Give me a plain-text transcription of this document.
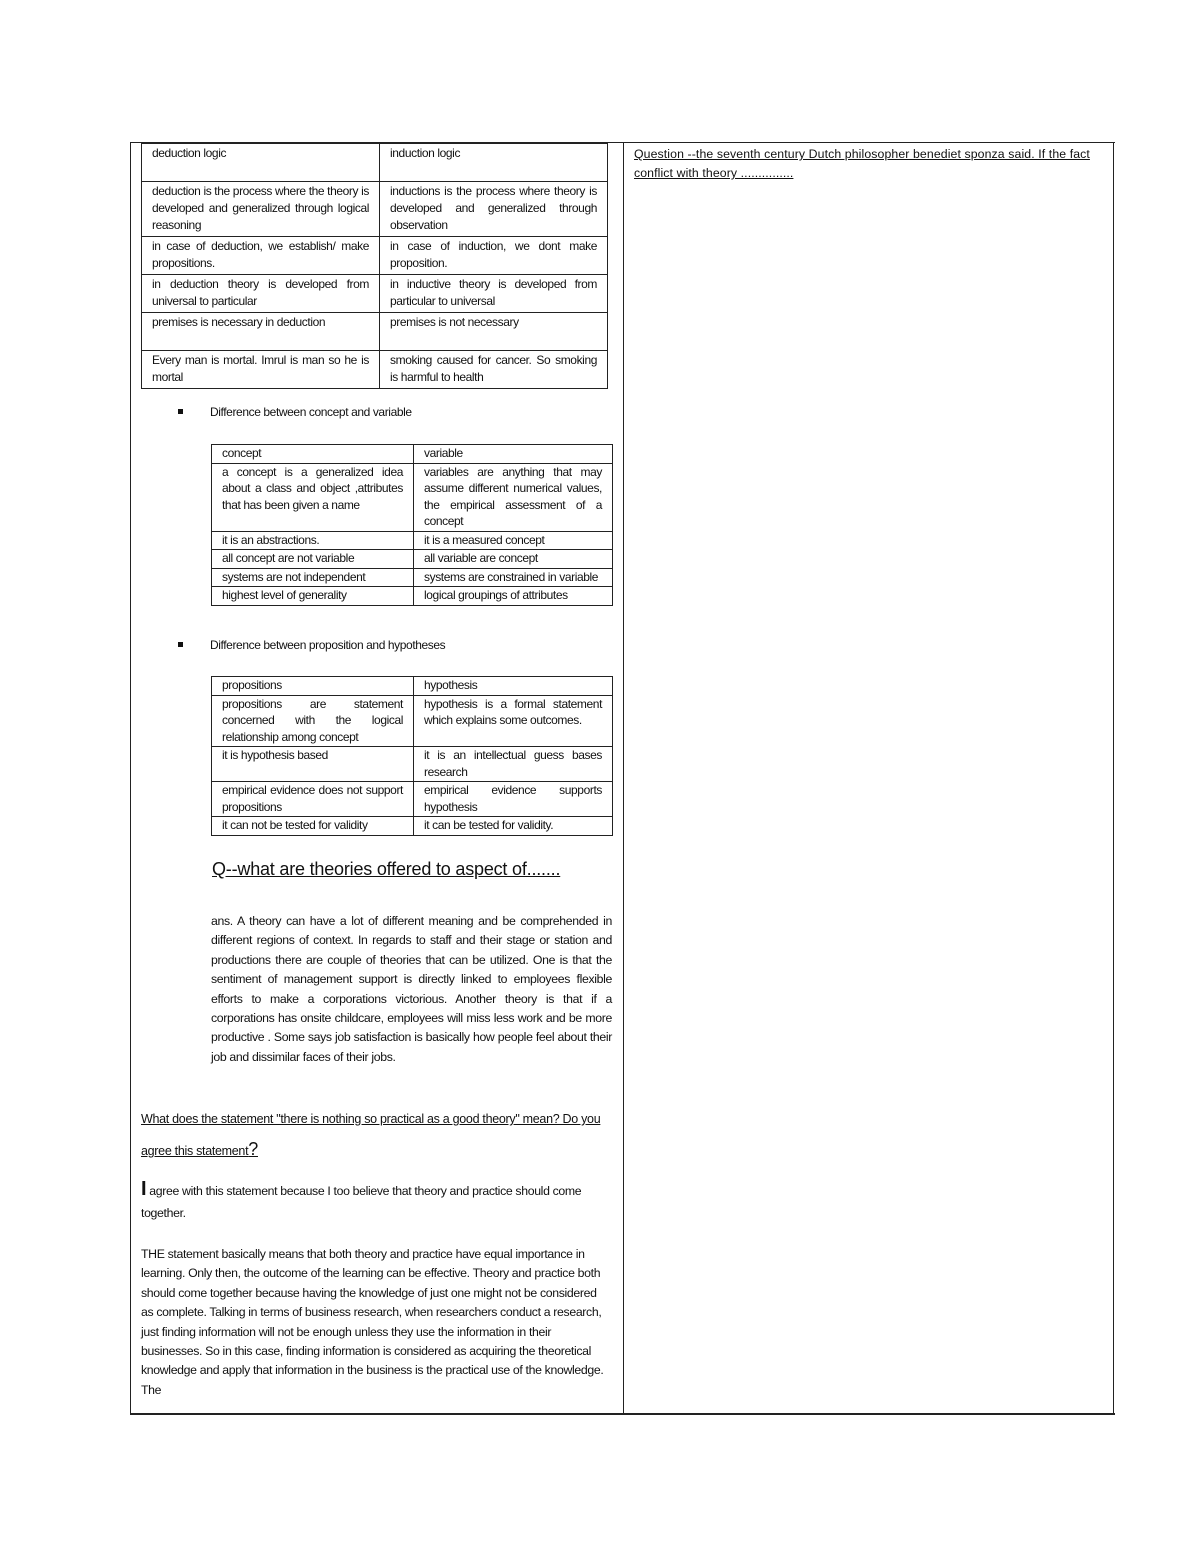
deduction logic	induction logic
deduction is the process where the theory is developed and generalized through logical reasoning	inductions is the process where theory is developed and generalized through observation
in case of deduction, we establish/ make propositions.	in case of induction, we dont make proposition.
in deduction theory is developed from universal to particular	in inductive theory is developed from particular to universal
premises is necessary in deduction	premises is not necessary
Every man is mortal. Imrul is man so he is mortal	smoking caused for cancer. So smoking is harmful to health
Difference between concept and variable
concept	variable
a concept is a generalized idea about a class and object ,attributes that has been given a name	variables are anything that may assume different numerical values, the empirical assessment of a concept
it is an abstractions.	it is a measured concept
all concept are not variable	all variable are concept
systems are not independent	systems are constrained in variable
highest level of generality	logical groupings of attributes
Difference between proposition and hypotheses
propositions	hypothesis
propositions are statement concerned with the logical relationship among concept	hypothesis is a formal statement which explains some outcomes.
it is hypothesis based	it is an intellectual guess bases research
empirical evidence does not support propositions	empirical evidence supports hypothesis
it can not be tested for validity	it can be tested for validity.
Q--what are theories offered to aspect of.......
ans. A theory can have a lot of different meaning and be comprehended in different regions of context. In regards to staff and their stage or station and productions there are couple of theories that can be utilized. One is that the sentiment of management support is directly linked to employees flexible efforts to make a corporations victorious. Another theory is that if a corporations has onsite childcare, employees will miss less work and be more productive . Some says job satisfaction is basically how people feel about their job and dissimilar faces of their jobs.
What does the statement "there is nothing so practical as a good theory" mean? Do you agree this statement?
I agree with this statement because I too believe that theory and practice should come together.
THE statement basically means that both theory and practice have equal importance in learning. Only then, the outcome of the learning can be effective. Theory and practice both should come together because having the knowledge of just one might not be considered as complete. Talking in terms of business research, when researchers conduct a research, just finding information will not be enough unless they use the information in their businesses. So in this case, finding information is considered as acquiring the theoretical knowledge and apply that information in the business is the practical use of the knowledge. The
Question --the seventh century Dutch philosopher benediet sponza said. If the fact conflict with theory ...............
